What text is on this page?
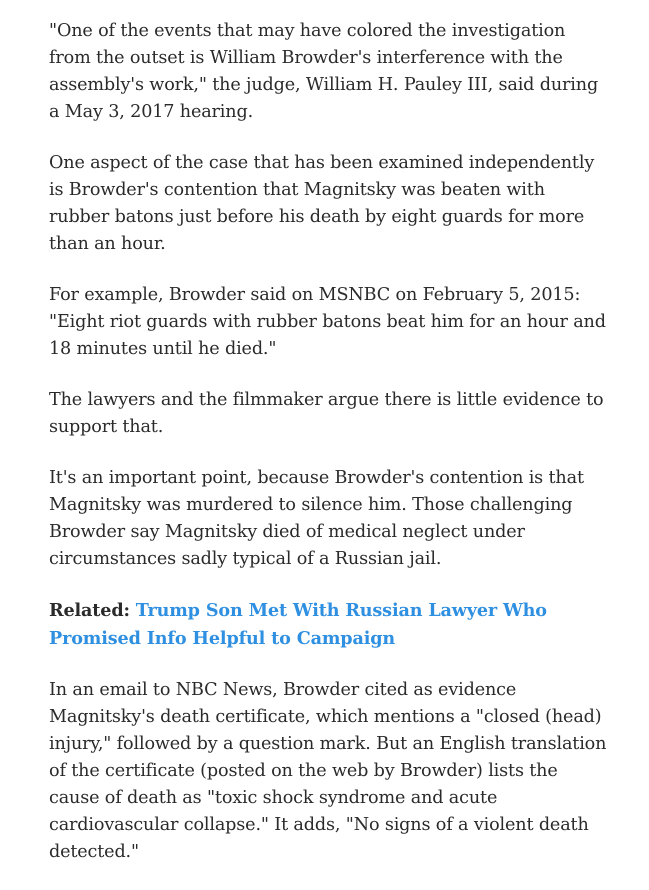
"One of the events that may have colored the investigation from the outset is William Browder's interference with the assembly's work," the judge, William H. Pauley III, said during a May 3, 2017 hearing.

One aspect of the case that has been examined independently is Browder's contention that Magnitsky was beaten with rubber batons just before his death by eight guards for more than an hour.

For example, Browder said on MSNBC on February 5, 2015: "Eight riot guards with rubber batons beat him for an hour and 18 minutes until he died."

The lawyers and the filmmaker argue there is little evidence to support that.

It's an important point, because Browder's contention is that Magnitsky was murdered to silence him. Those challenging Browder say Magnitsky died of medical neglect under circumstances sadly typical of a Russian jail.

Related: Trump Son Met With Russian Lawyer Who Promised Info Helpful to Campaign

In an email to NBC News, Browder cited as evidence Magnitsky's death certificate, which mentions a "closed (head) injury," followed by a question mark. But an English translation of the certificate (posted on the web by Browder) lists the cause of death as "toxic shock syndrome and acute cardiovascular collapse." It adds, "No signs of a violent death detected."
